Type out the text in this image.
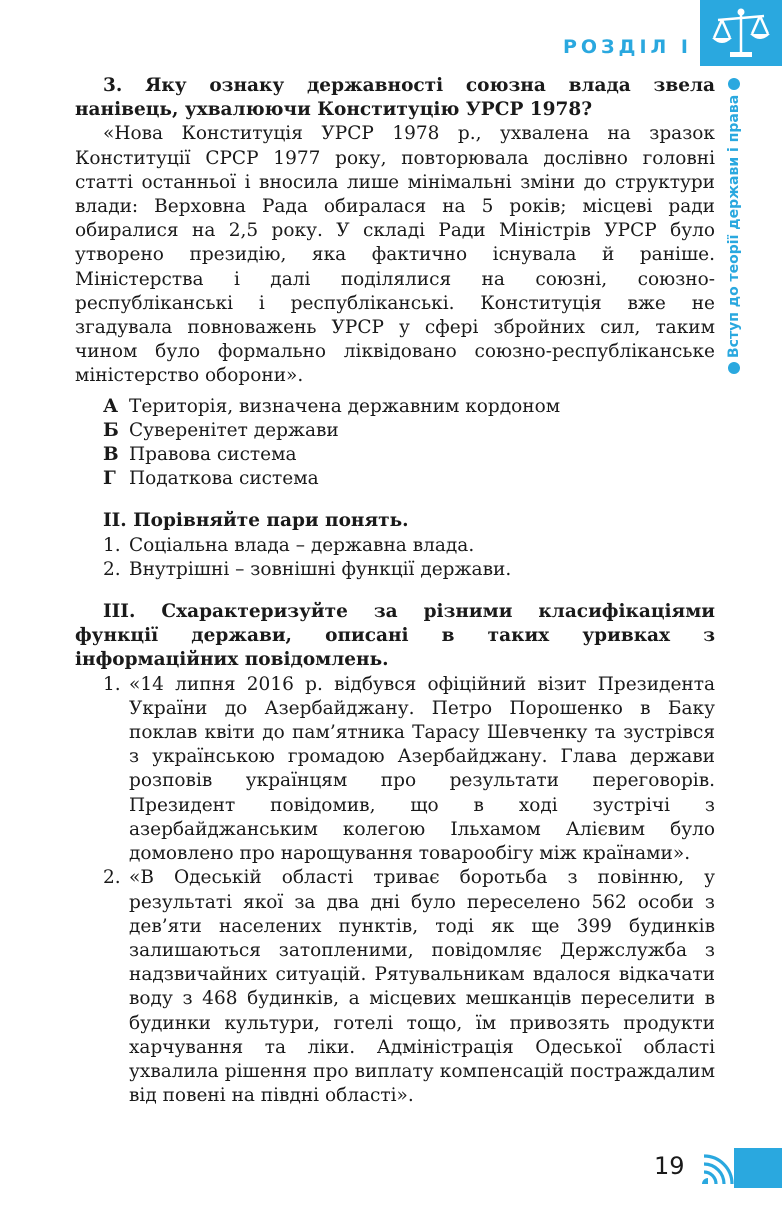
РОЗДІЛ І
Вступ до теорії держави і права

3. Яку ознаку державності союзна влада звела нанівець, ухвалюючи Конституцію УРСР 1978?

«Нова Конституція УРСР 1978 р., ухвалена на зразок Конституції СРСР 1977 року, повторювала дослівно головні статті останньої і вносила лише мінімальні зміни до структури влади: Верховна Рада обиралася на 5 років; місцеві ради обиралися на 2,5 року. У складі Ради Міністрів УРСР було утворено президію, яка фактично існувала й раніше. Міністерства і далі поділялися на союзні, союзно-республіканські і республіканські. Конституція вже не згадувала повноважень УРСР у сфері збройних сил, таким чином було формально ліквідовано союзно-республіканське міністерство оборони».

А Територія, визначена державним кордоном
Б Суверенітет держави
В Правова система
Г Податкова система

ІІ. Порівняйте пари понять.

1. Соціальна влада – державна влада.
2. Внутрішні – зовнішні функції держави.

ІІІ. Схарактеризуйте за різними класифікаціями функції держави, описані в таких уривках з інформаційних повідомлень.

1. «14 липня 2016 р. відбувся офіційний візит Президента України до Азербайджану. Петро Порошенко в Баку поклав квіти до пам’ятника Тарасу Шевченку та зустрівся з українською громадою Азербайджану. Глава держави розповів українцям про результати переговорів. Президент повідомив, що в ході зустрічі з азербайджанським колегою Ільхамом Алієвим було домовлено про нарощування товарообігу між країнами».
2. «В Одеській області триває боротьба з повінню, у результаті якої за два дні було переселено 562 особи з дев’яти населених пунктів, тоді як ще 399 будинків залишаються затопленими, повідомляє Держслужба з надзвичайних ситуацій. Рятувальникам вдалося відкачати воду з 468 будинків, а місцевих мешканців переселити в будинки культури, готелі тощо, їм привозять продукти харчування та ліки. Адміністрація Одеської області ухвалила рішення про виплату компенсацій постраждалим від повені на півдні області».
19
